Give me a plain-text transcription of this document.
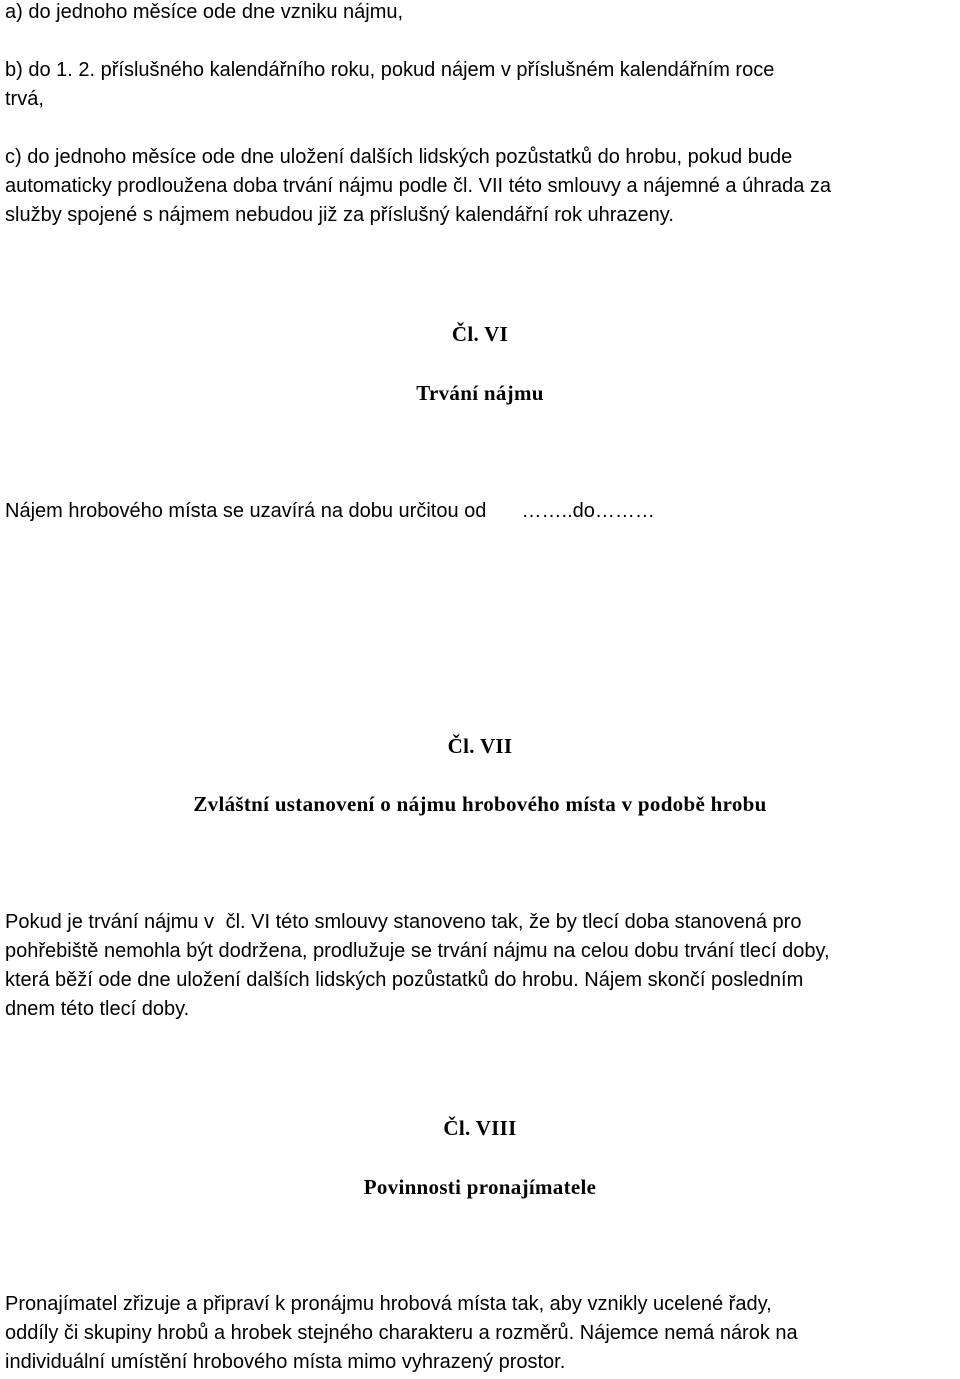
a) do jednoho měsíce ode dne vzniku nájmu,

b) do 1. 2. příslušného kalendářního roku, pokud nájem v příslušném kalendářním roce
trvá,

c) do jednoho měsíce ode dne uložení dalších lidských pozůstatků do hrobu, pokud bude
automaticky prodloužena doba trvání nájmu podle čl. VII této smlouvy a nájemné a úhrada za
služby spojené s nájmem nebudou již za příslušný kalendářní rok uhrazeny.

Čl. VI

Trvání nájmu

Nájem hrobového místa se uzavírá na dobu určitou od ……..do………

Čl. VII

Zvláštní ustanovení o nájmu hrobového místa v podobě hrobu

Pokud je trvání nájmu v čl. VI této smlouvy stanoveno tak, že by tlecí doba stanovená pro
pohřebiště nemohla být dodržena, prodlužuje se trvání nájmu na celou dobu trvání tlecí doby,
která běží ode dne uložení dalších lidských pozůstatků do hrobu. Nájem skončí posledním
dnem této tlecí doby.

Čl. VIII

Povinnosti pronajímatele

Pronajímatel zřizuje a připraví k pronájmu hrobová místa tak, aby vznikly ucelené řady,
oddíly či skupiny hrobů a hrobek stejného charakteru a rozměrů. Nájemce nemá nárok na
individuální umístění hrobového místa mimo vyhrazený prostor.
